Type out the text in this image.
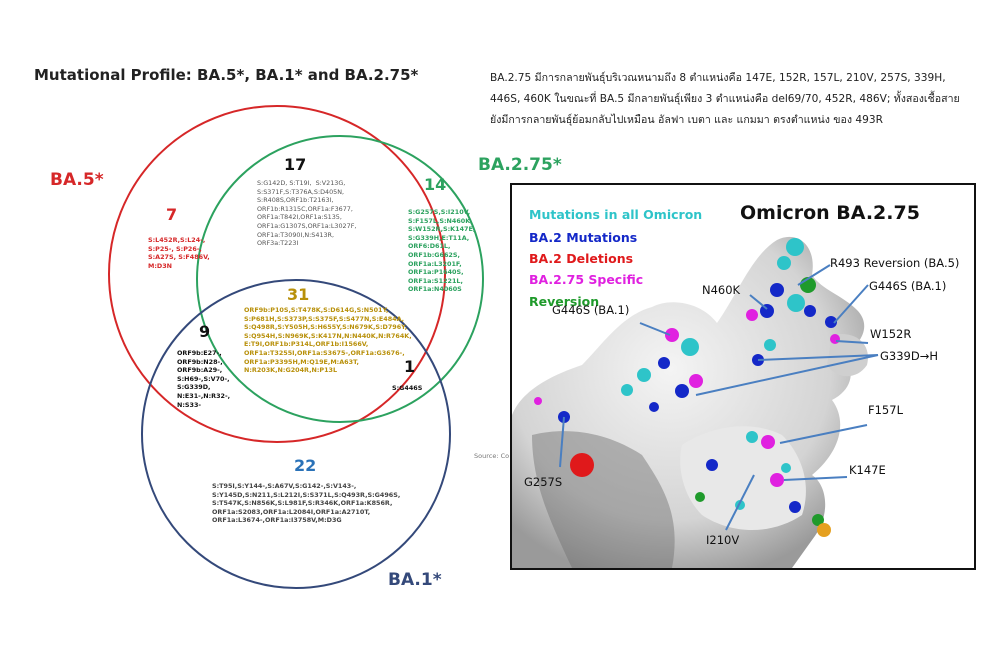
Mutational Profile: BA.5*, BA.1* and BA.2.75*	BA.2.75 มีการกลายพันธุ์บริเวณหนามถึง 8 ตำแหน่งคือ 147E, 152R, 157L, 210V, 257S, 339H, 446S, 460K ในขณะที่ BA.5 มีกลายพันธุ์เพียง 3 ตำแหน่งคือ del69/70, 452R, 486V; ทั้งสองเชื้อสายยังมีการกลายพันธุ์ย้อมกลับไปเหมือน อัลฟา เบตา และ แกมมา ตรงตำแหน่ง ของ 493R
BA.5*
BA.2.75*
BA.1*
7
S:L452R,S:L24-,
S:P25-, S:P26-,
S:A27S, S:F486V,
M:D3N
17
S:G142D, S:T19I,  S:V213G,
S:S371F,S:T376A,S:D405N,
S:R408S,ORF1b:T2163I,
ORF1b:R1315C,ORF1a:F3677,
ORF1a:T842I,ORF1a:S135,
ORF1a:G1307S,ORF1a:L3027F,
ORF1a:T3090I,N:S413R,
ORF3a:T223I
14
S:G257S,S:I210V,
S:F157L,S:N460K,
S:W152R,S:K147E,
S:G339H,E:T11A,
ORF6:D61L,
ORF1b:G662S,
ORF1a:L3201F,
ORF1a:P1640S,
ORF1a:S1221L,
ORF1a:N4060S
31
ORF9b:P10S,S:T478K,S:D614G,S:N501Y,
S:P681H,S:S373P,S:S375F,S:S477N,S:E484A,
S:Q498R,S:Y505H,S:H655Y,S:N679K,S:D796Y,
S:Q954H,S:N969K,S:K417N,N:N440K,N:R764K,
E:T9I,ORF1b:P314L,ORF1b:I1566V,
ORF1a:T3255I,ORF1a:S3675-,ORF1a:G3676-,
ORF1a:P3395H,M:Q19E,M:A63T,
N:R203K,N:G204R,N:P13L
9
ORF9b:E27-,
ORF9b:N28-,
ORF9b:A29-,
S:H69-,S:V70-,
S:G339D,
N:E31-,N:R32-,
N:S33-
1
S:G446S
22
S:T95I,S:Y144-,S:A67V,S:G142-,S:V143-,
S:Y145D,S:N211,S:L212I,S:S371L,S:Q493R,S:G496S,
S:T547K,S:N856K,S:L981F,S:R346K,ORF1a:K856R,
ORF1a:S2083,ORF1a:L2084I,ORF1a:A2710T,
ORF1a:L3674-,ORF1a:I3758V,M:D3G
Source: Co
Omicron BA.2.75
Mutations in all Omicron
BA.2 Mutations
BA.2 Deletions
BA.2.75 Specific
Reversion
R493 Reversion (BA.5)
N460K	G446S (BA.1)
G446S (BA.1)
W152R
G339D→H
F157L
K147E
G257S
I210V
